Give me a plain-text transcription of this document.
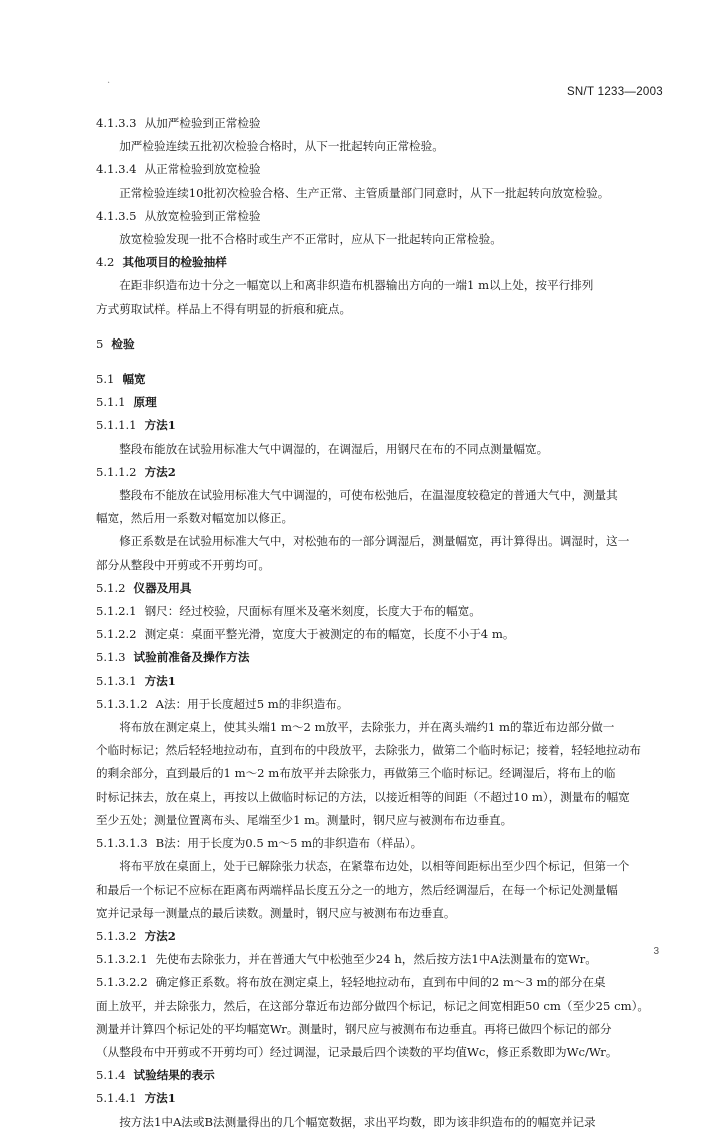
·
SN/T 1233—2003

4.1.3.3 从加严检验到正常检验

加严检验连续五批初次检验合格时，从下一批起转向正常检验。

4.1.3.4 从正常检验到放宽检验

正常检验连续10批初次检验合格、生产正常、主管质量部门同意时，从下一批起转向放宽检验。

4.1.3.5 从放宽检验到正常检验

放宽检验发现一批不合格时或生产不正常时，应从下一批起转向正常检验。

4.2 其他项目的检验抽样

在距非织造布边十分之一幅宽以上和离非织造布机器输出方向的一端1 m以上处，按平行排列

方式剪取试样。样品上不得有明显的折痕和疵点。

5 检验

5.1 幅宽

5.1.1 原理

5.1.1.1 方法1

整段布能放在试验用标准大气中调湿的，在调湿后，用钢尺在布的不同点测量幅宽。

5.1.1.2 方法2

整段布不能放在试验用标准大气中调湿的，可使布松弛后，在温湿度较稳定的普通大气中，测量其

幅宽，然后用一系数对幅宽加以修正。

修正系数是在试验用标准大气中，对松弛布的一部分调湿后，测量幅宽，再计算得出。调湿时，这一

部分从整段中开剪或不开剪均可。

5.1.2 仪器及用具

5.1.2.1 钢尺：经过校验，尺面标有厘米及毫米刻度，长度大于布的幅宽。

5.1.2.2 测定桌：桌面平整光滑，宽度大于被测定的布的幅宽，长度不小于4 m。

5.1.3 试验前准备及操作方法

5.1.3.1 方法1

5.1.3.1.2 A法：用于长度超过5 m的非织造布。

将布放在测定桌上，使其头端1 m～2 m放平，去除张力，并在离头端约1 m的靠近布边部分做一

个临时标记；然后轻轻地拉动布，直到布的中段放平，去除张力，做第二个临时标记；接着，轻轻地拉动布

的剩余部分，直到最后的1 m～2 m布放平并去除张力，再做第三个临时标记。经调湿后，将布上的临

时标记抹去，放在桌上，再按以上做临时标记的方法，以接近相等的间距（不超过10 m），测量布的幅宽

至少五处；测量位置离布头、尾端至少1 m。测量时，钢尺应与被测布布边垂直。

5.1.3.1.3 B法：用于长度为0.5 m～5 m的非织造布（样品）。

将布平放在桌面上，处于已解除张力状态，在紧靠布边处，以相等间距标出至少四个标记，但第一个

和最后一个标记不应标在距离布两端样品长度五分之一的地方，然后经调湿后，在每一个标记处测量幅

宽并记录每一测量点的最后读数。测量时，钢尺应与被测布布边垂直。

5.1.3.2 方法2

5.1.3.2.1 先使布去除张力，并在普通大气中松弛至少24 h，然后按方法1中A法测量布的宽Wr。

5.1.3.2.2 确定修正系数。将布放在测定桌上，轻轻地拉动布，直到布中间的2 m～3 m的部分在桌

面上放平，并去除张力，然后，在这部分靠近布边部分做四个标记，标记之间宽相距50 cm（至少25 cm）。

测量并计算四个标记处的平均幅宽Wr。测量时，钢尺应与被测布布边垂直。再将已做四个标记的部分

（从整段布中开剪或不开剪均可）经过调湿，记录最后四个读数的平均值Wc，修正系数即为Wc/Wr。

5.1.4 试验结果的表示

5.1.4.1 方法1

按方法1中A法或B法测量得出的几个幅宽数据，求出平均数，即为该非织造布的的幅宽并记录

3
